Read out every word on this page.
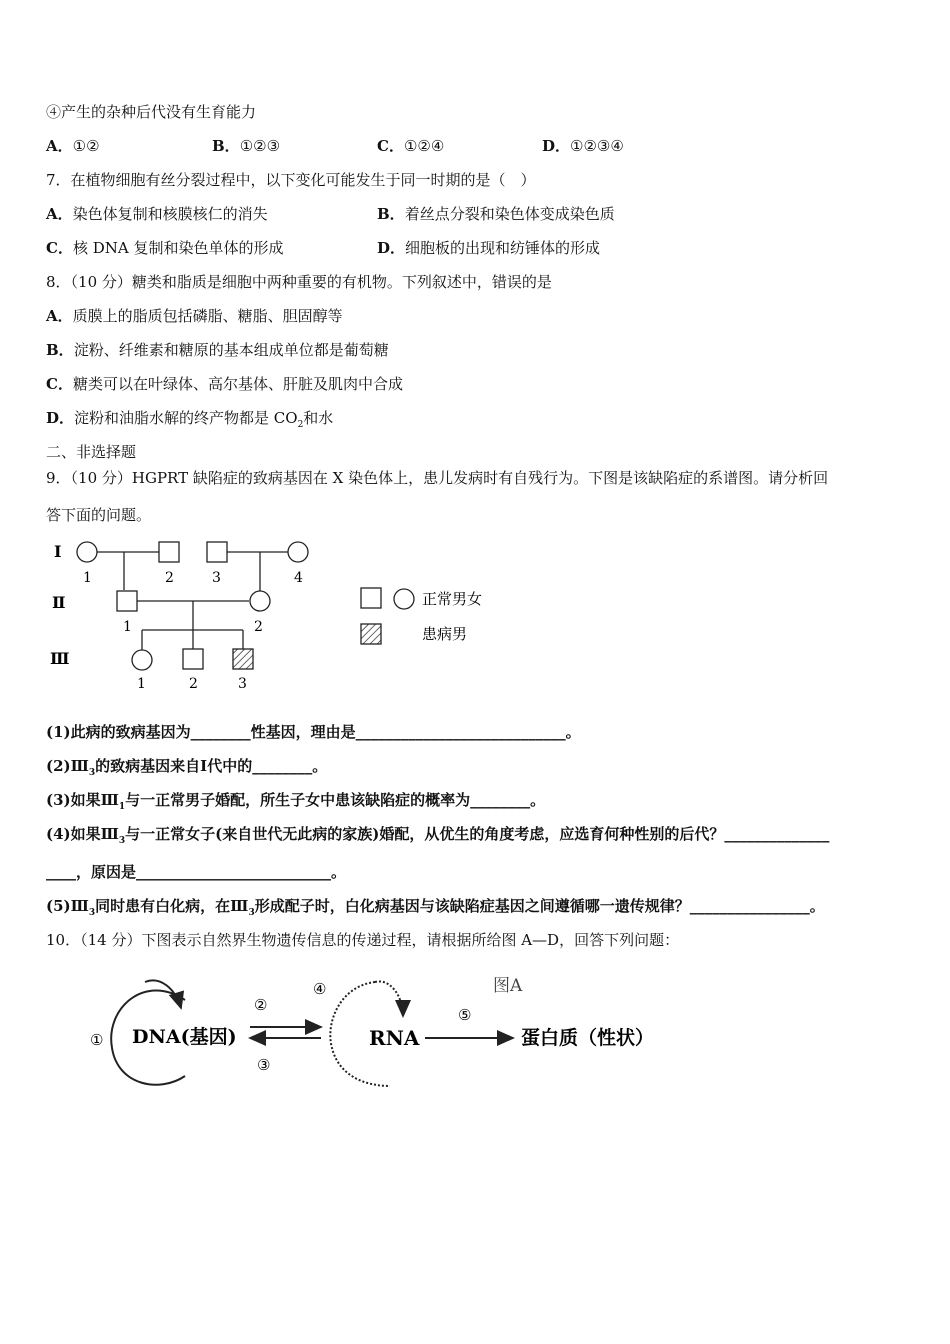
④产生的杂种后代没有生育能力
A．①②	B．①②③	C．①②④	D．①②③④
7．在植物细胞有丝分裂过程中，以下变化可能发生于同一时期的是（　）
A．染色体复制和核膜核仁的消失	B．着丝点分裂和染色体变成染色质
C．核 DNA 复制和染色单体的形成	D．细胞板的出现和纺锤体的形成
8．（10 分）糖类和脂质是细胞中两种重要的有机物。下列叙述中，错误的是
A．质膜上的脂质包括磷脂、糖脂、胆固醇等
B．淀粉、纤维素和糖原的基本组成单位都是葡萄糖
C．糖类可以在叶绿体、高尔基体、肝脏及肌肉中合成
D．淀粉和油脂水解的终产物都是 $CO_2$和水
二、非选择题
9．（10 分）HGPRT 缺陷症的致病基因在 X 染色体上，患儿发病时有自残行为。下图是该缺陷症的系谱图。请分析回
答下面的问题。
Ⅰ
Ⅱ
Ⅲ
1	2	3	4
1	2
1	2	3
正常男女
患病男
(1)此病的致病基因为________性基因，理由是____________________________。
$(2)Ⅲ_3$的致病基因来自Ⅰ代中的________。
(3)如果$Ⅲ_1$与一正常男子婚配，所生子女中患该缺陷症的概率为________。
(4)如果$Ⅲ_3$与一正常女子(来自世代无此病的家族)婚配，从优生的角度考虑，应选育何种性别的后代？______________
____，原因是__________________________。
$(5)Ⅲ_3$同时患有白化病，在$Ⅲ_3$形成配子时，白化病基因与该缺陷症基因之间遵循哪一遗传规律？________________。
10．（14 分）下图表示自然界生物遗传信息的传递过程，请根据所给图 A—D，回答下列问题：
图A
① DNA(基因)
②
③
④
RNA
⑤
蛋白质（性状）
